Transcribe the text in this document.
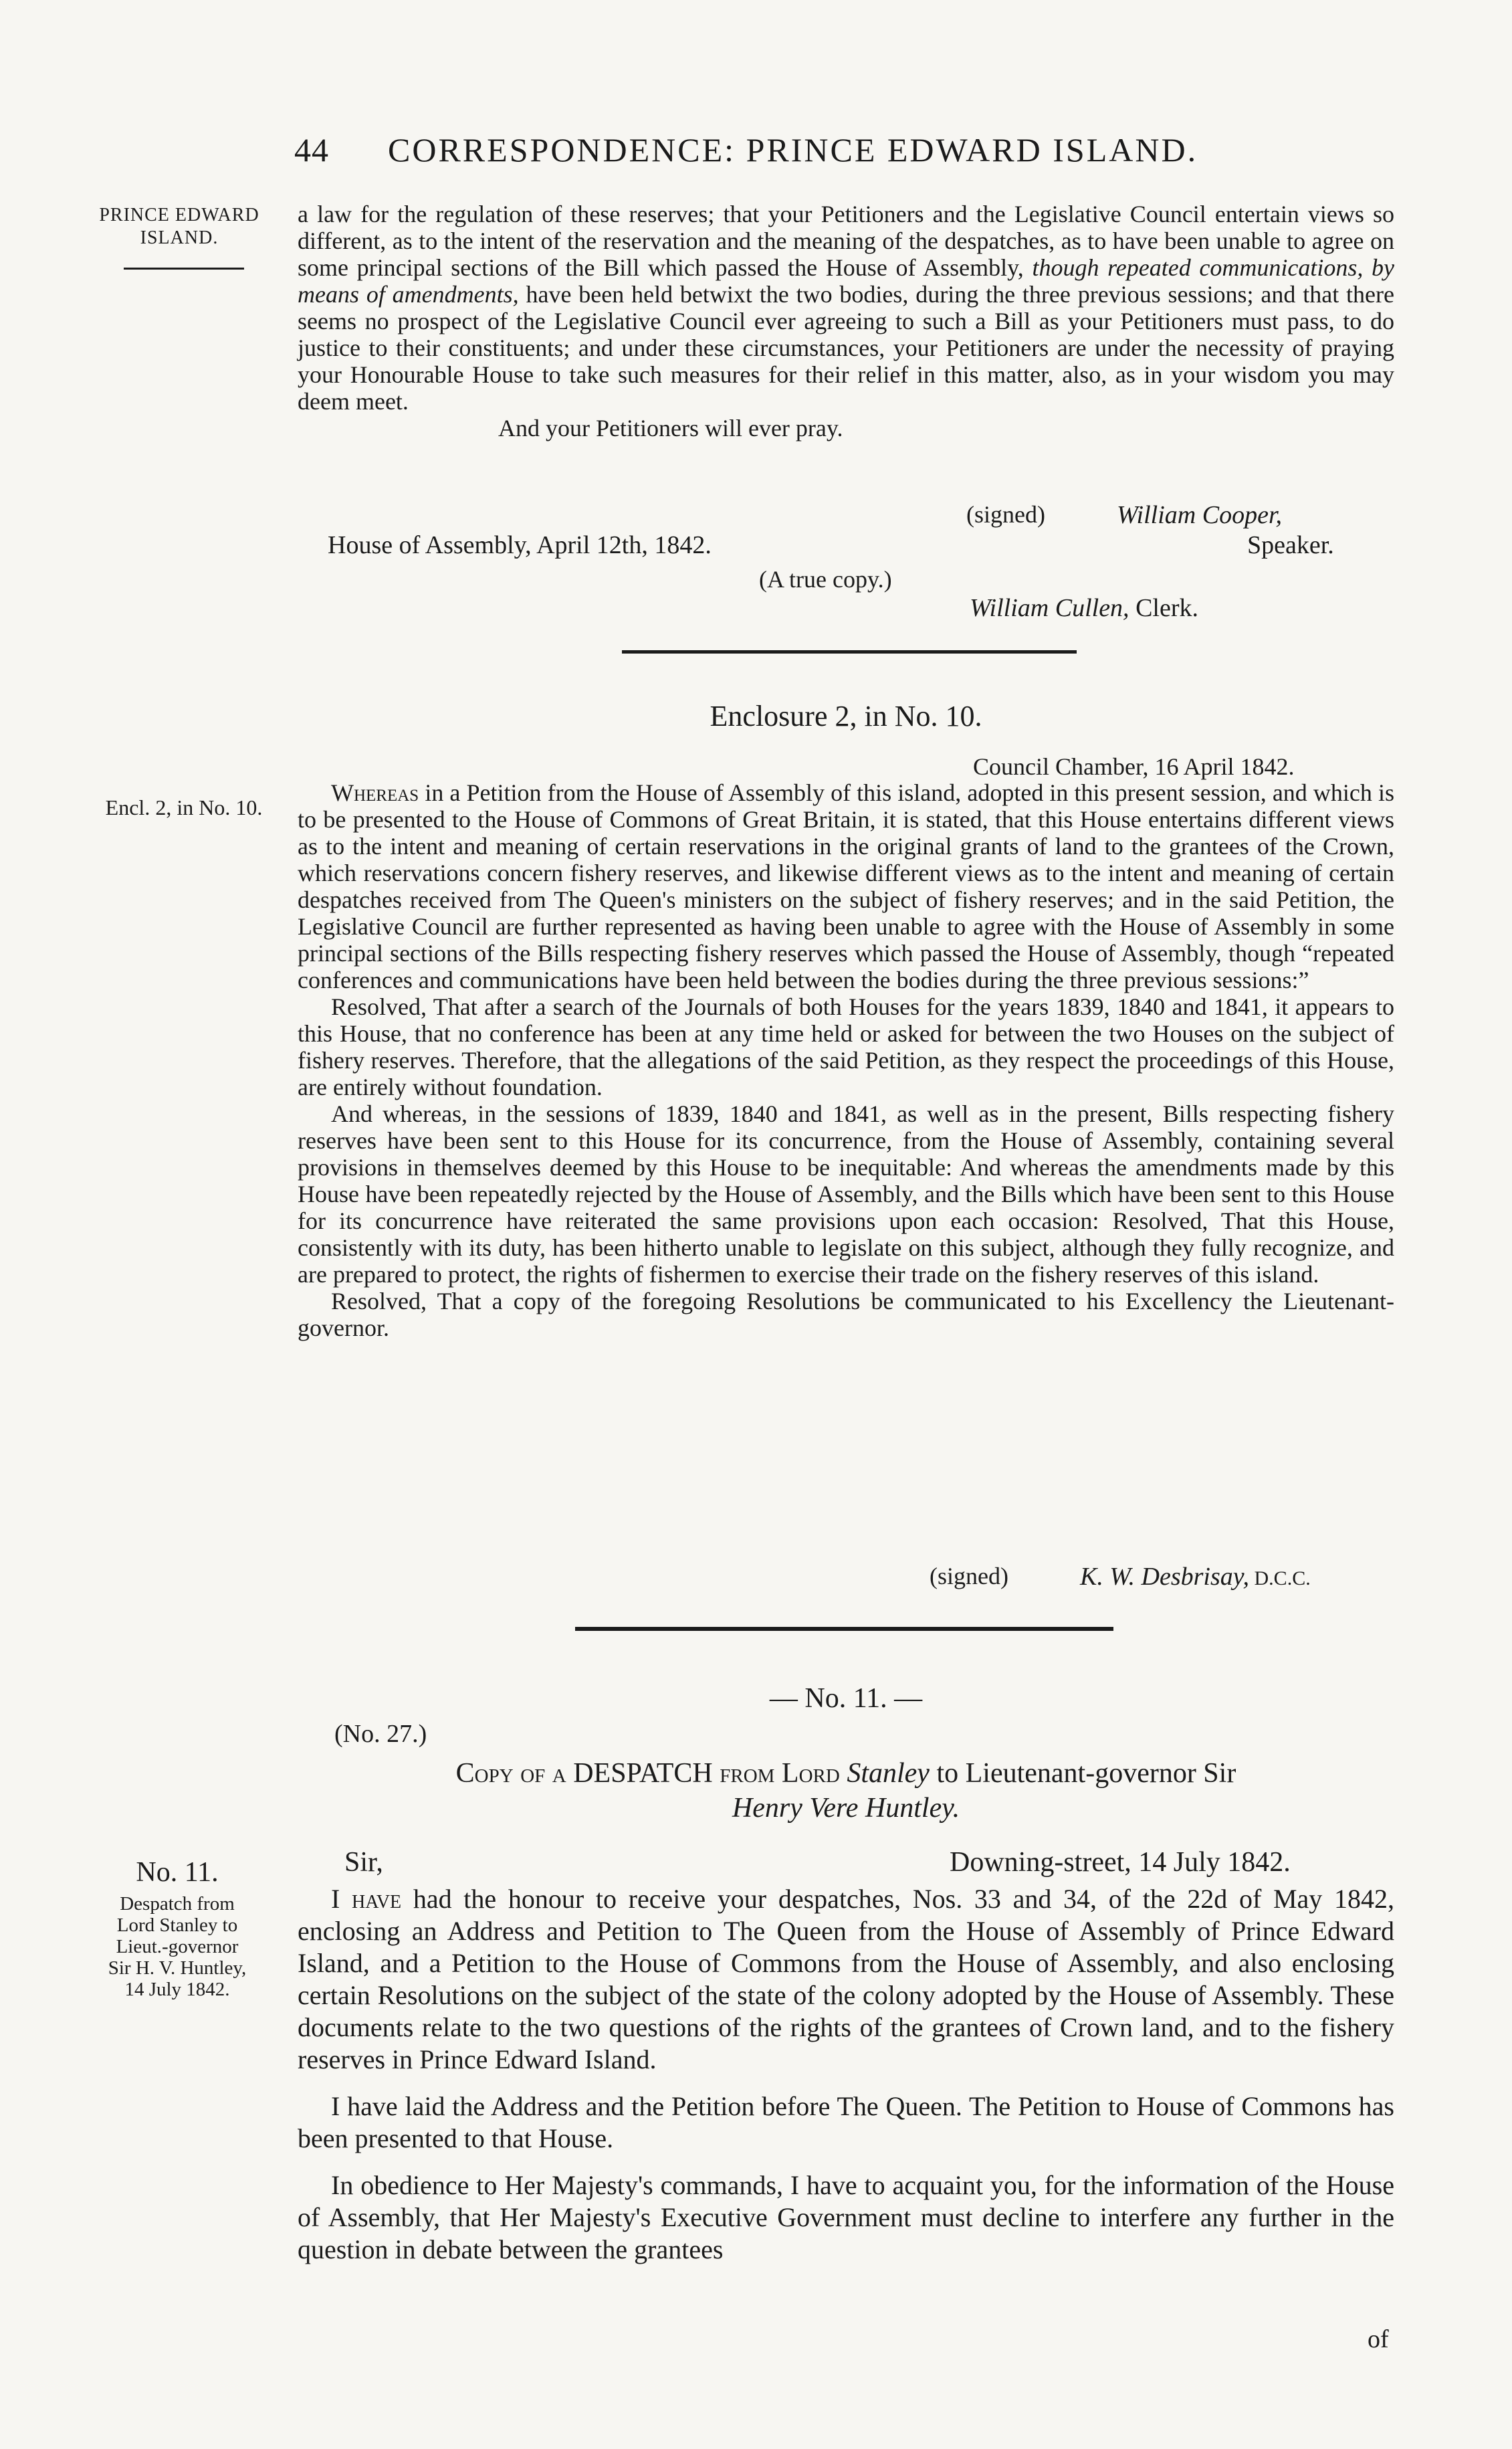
44 CORRESPONDENCE: PRINCE EDWARD ISLAND.
PRINCE EDWARD ISLAND.

a law for the regulation of these reserves; that your Petitioners and the Legislative Council entertain views so different, as to the intent of the reservation and the meaning of the despatches, as to have been unable to agree on some principal sections of the Bill which passed the House of Assembly, though repeated communications, by means of amendments, have been held betwixt the two bodies, during the three previous sessions; and that there seems no prospect of the Legislative Council ever agreeing to such a Bill as your Petitioners must pass, to do justice to their constituents; and under these circumstances, your Petitioners are under the necessity of praying your Honourable House to take such measures for their relief in this matter, also, as in your wisdom you may deem meet.

And your Petitioners will ever pray.

(signed)	William Cooper,
Speaker.
House of Assembly, April 12th, 1842.
(A true copy.)
William Cullen, Clerk.
Enclosure 2, in No. 10.
Council Chamber, 16 April 1842.
Encl. 2, in No. 10.

Whereas in a Petition from the House of Assembly of this island, adopted in this present session, and which is to be presented to the House of Commons of Great Britain, it is stated, that this House entertains different views as to the intent and meaning of certain reservations in the original grants of land to the grantees of the Crown, which reservations concern fishery reserves, and likewise different views as to the intent and meaning of certain despatches received from The Queen's ministers on the subject of fishery reserves; and in the said Petition, the Legislative Council are further represented as having been unable to agree with the House of Assembly in some principal sections of the Bills respecting fishery reserves which passed the House of Assembly, though “repeated conferences and communications have been held between the bodies during the three previous sessions:”

Resolved, That after a search of the Journals of both Houses for the years 1839, 1840 and 1841, it appears to this House, that no conference has been at any time held or asked for between the two Houses on the subject of fishery reserves. Therefore, that the allegations of the said Petition, as they respect the proceedings of this House, are entirely without foundation.

And whereas, in the sessions of 1839, 1840 and 1841, as well as in the present, Bills respecting fishery reserves have been sent to this House for its concurrence, from the House of Assembly, containing several provisions in themselves deemed by this House to be inequitable: And whereas the amendments made by this House have been repeatedly rejected by the House of Assembly, and the Bills which have been sent to this House for its concurrence have reiterated the same provisions upon each occasion: Resolved, That this House, consistently with its duty, has been hitherto unable to legislate on this subject, although they fully recognize, and are prepared to protect, the rights of fishermen to exercise their trade on the fishery reserves of this island.

Resolved, That a copy of the foregoing Resolutions be communicated to his Excellency the Lieutenant-governor.

(signed)	K. W. Desbrisay, D.C.C.
— No. 11. —
(No. 27.)
Copy of a DESPATCH from Lord Stanley to Lieutenant-governor Sir
Henry Vere Huntley.
Sir,	Downing-street, 14 July 1842.
No. 11.
Despatch from
Lord Stanley to
Lieut.-governor
Sir H. V. Huntley,
14 July 1842.

I have had the honour to receive your despatches, Nos. 33 and 34, of the 22d of May 1842, enclosing an Address and Petition to The Queen from the House of Assembly of Prince Edward Island, and a Petition to the House of Commons from the House of Assembly, and also enclosing certain Resolutions on the subject of the state of the colony adopted by the House of Assembly. These documents relate to the two questions of the rights of the grantees of Crown land, and to the fishery reserves in Prince Edward Island.

I have laid the Address and the Petition before The Queen. The Petition to House of Commons has been presented to that House.

In obedience to Her Majesty's commands, I have to acquaint you, for the information of the House of Assembly, that Her Majesty's Executive Government must decline to interfere any further in the question in debate between the grantees

of
